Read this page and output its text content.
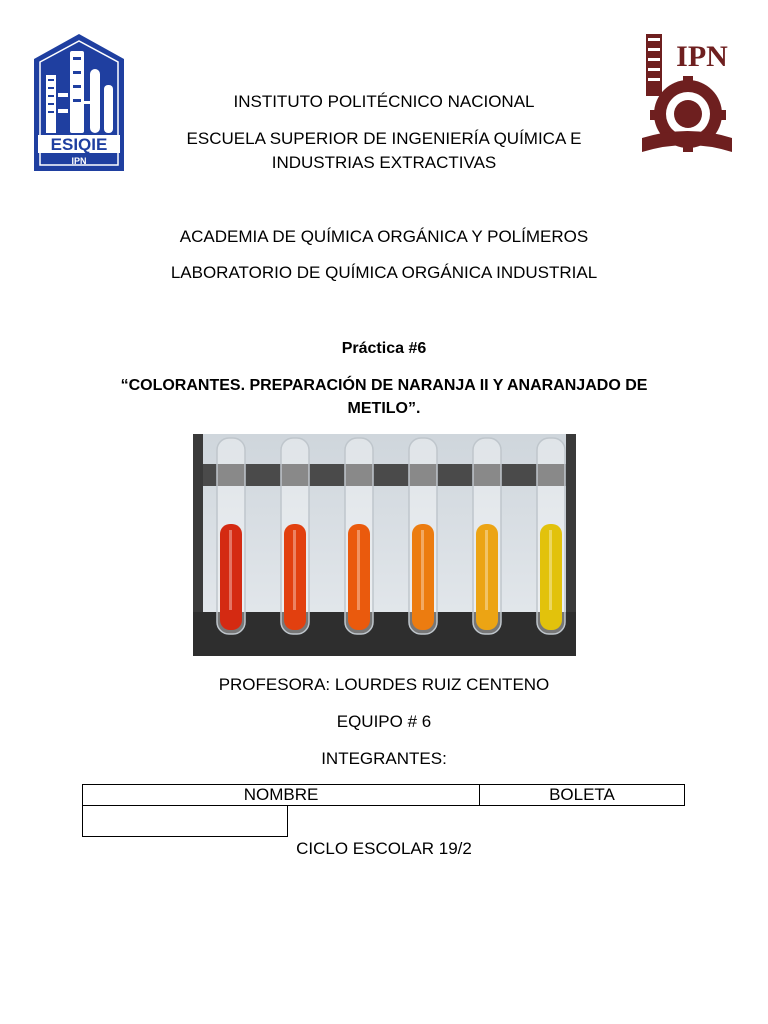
ESIQIE
IPN
IPN
INSTITUTO POLITÉCNICO NACIONAL
ESCUELA SUPERIOR DE INGENIERÍA QUÍMICA E
INDUSTRIAS EXTRACTIVAS
ACADEMIA DE QUÍMICA ORGÁNICA Y POLÍMEROS
LABORATORIO DE QUÍMICA ORGÁNICA INDUSTRIAL
Práctica #6
“COLORANTES. PREPARACIÓN DE NARANJA II Y ANARANJADO DE
METILO”.
PROFESORA: LOURDES RUIZ CENTENO
EQUIPO # 6
INTEGRANTES:
NOMBRE	BOLETA
CICLO ESCOLAR 19/2
